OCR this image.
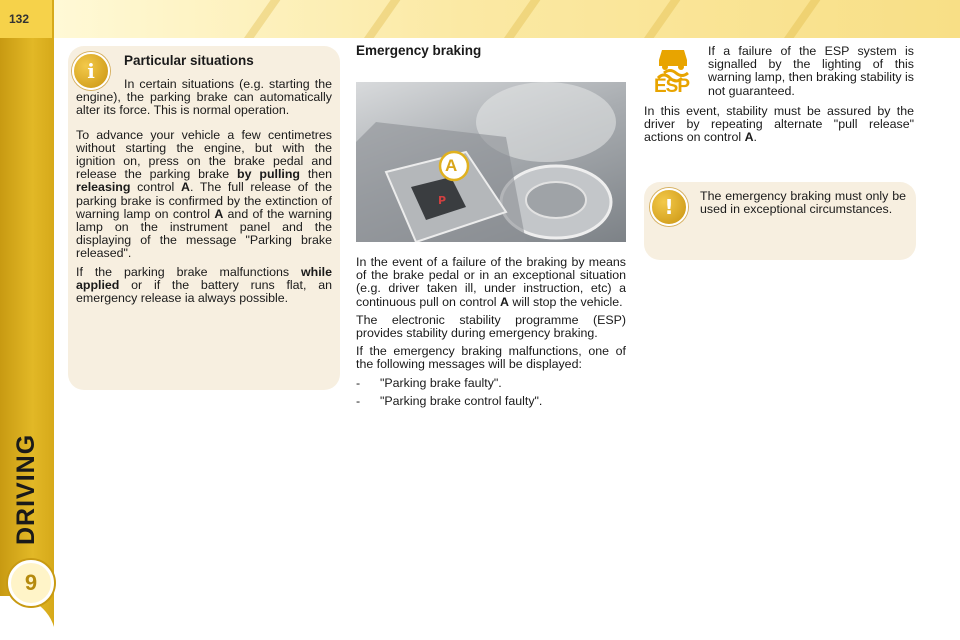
132
DRIVING
9
i	Particular situations

In certain situations (e.g. starting the engine), the parking brake can automatically alter its force. This is normal operation.

To advance your vehicle a few centimetres without starting the engine, but with the ignition on, press on the brake pedal and release the parking brake by pulling then releasing control A. The full release of the parking brake is confirmed by the extinction of warning lamp on control A and of the warning lamp on the instrument panel and the displaying of the message "Parking brake released".

If the parking brake malfunctions while applied or if the battery runs flat, an emergency release ia always possible.

Emergency braking
P
A

In the event of a failure of the braking by means of the brake pedal or in an exceptional situation (e.g. driver taken ill, under instruction, etc) a continuous pull on control A will stop the vehicle.

The electronic stability programme (ESP) provides stability during emergency braking.

If the emergency braking malfunctions, one of the following messages will be displayed:

-	"Parking brake faulty".
-	"Parking brake control faulty".
ESP
If a failure of the ESP system is signalled by the lighting of this warning lamp, then braking stability is not guaranteed.

In this event, stability must be assured by the driver by repeating alternate "pull release" actions on control A.

!	The emergency braking must only be used in exceptional circumstances.
